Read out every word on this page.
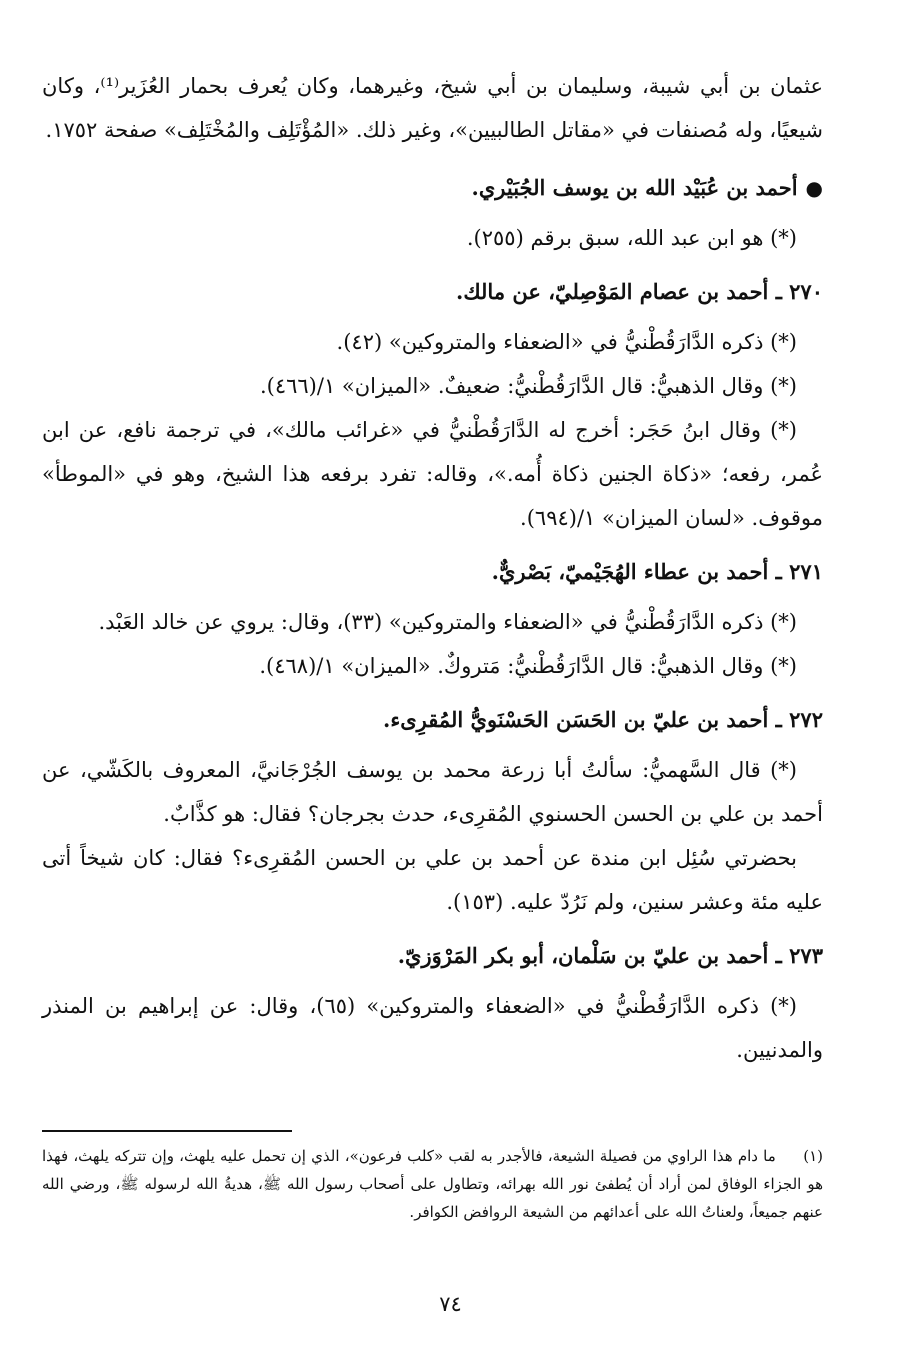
عثمان بن أبي شيبة، وسليمان بن أبي شيخ، وغيرهما، وكان يُعرف بحمار العُزَير⁽¹⁾، وكان شيعيًا، وله مُصنفات في «مقاتل الطالبيين»، وغير ذلك. «المُؤْتَلِف والمُخْتَلِف» صفحة ١٧٥٢.

●أحمد بن عُبَيْد الله بن يوسف الجُبَيْري.

(*) هو ابن عبد الله، سبق برقم (٢٥٥).

٢٧٠ ـ أحمد بن عصام المَوْصِليّ، عن مالك.

(*) ذكره الدَّارَقُطْنيُّ في «الضعفاء والمتروكين» (٤٢).

(*) وقال الذهبيُّ: قال الدَّارَقُطْنيُّ: ضعيفٌ. «الميزان» ١/(٤٦٦).

(*) وقال ابنُ حَجَر: أخرج له الدَّارَقُطْنيُّ في «غرائب مالك»، في ترجمة نافع، عن ابن عُمر، رفعه؛ «ذكاة الجنين ذكاة أُمه.»، وقاله: تفرد برفعه هذا الشيخ، وهو في «الموطأ» موقوف. «لسان الميزان» ١/(٦٩٤).

٢٧١ ـ أحمد بن عطاء الهُجَيْميّ، بَصْريٌّ.

(*) ذكره الدَّارَقُطْنيُّ في «الضعفاء والمتروكين» (٣٣)، وقال: يروي عن خالد العَبْد.

(*) وقال الذهبيُّ: قال الدَّارَقُطْنيُّ: مَتروكٌ. «الميزان» ١/(٤٦٨).

٢٧٢ ـ أحمد بن عليّ بن الحَسَن الحَسْنَويُّ المُقرِىء.

(*) قال السَّهميُّ: سألتُ أبا زرعة محمد بن يوسف الجُرْجَانيَّ، المعروف بالكَشّي، عن أحمد بن علي بن الحسن الحسنوي المُقرِىء، حدث بجرجان؟ فقال: هو كذَّابٌ.

بحضرتي سُئِل ابن مندة عن أحمد بن علي بن الحسن المُقرِىء؟ فقال: كان شيخاً أتى عليه مئة وعشر سنين، ولم نَرُدّ عليه. (١٥٣).

٢٧٣ ـ أحمد بن عليّ بن سَلْمان، أبو بكر المَرْوَزيّ.

(*) ذكره الدَّارَقُطْنيُّ في «الضعفاء والمتروكين» (٦٥)، وقال: عن إبراهيم بن المنذر والمدنيين.

(١) ما دام هذا الراوي من فصيلة الشيعة، فالأجدر به لقب «كلب فرعون»، الذي إن تحمل عليه يلهث، وإن تتركه يلهث، فهذا هو الجزاء الوفاق لمن أراد أن يُطفئ نور الله بهرائه، وتطاول على أصحاب رسول الله ﷺ، هديةُ الله لرسوله ﷺ، ورضي الله عنهم جميعاً، ولعناتُ الله على أعدائهم من الشيعة الروافض الكوافر.
٧٤
